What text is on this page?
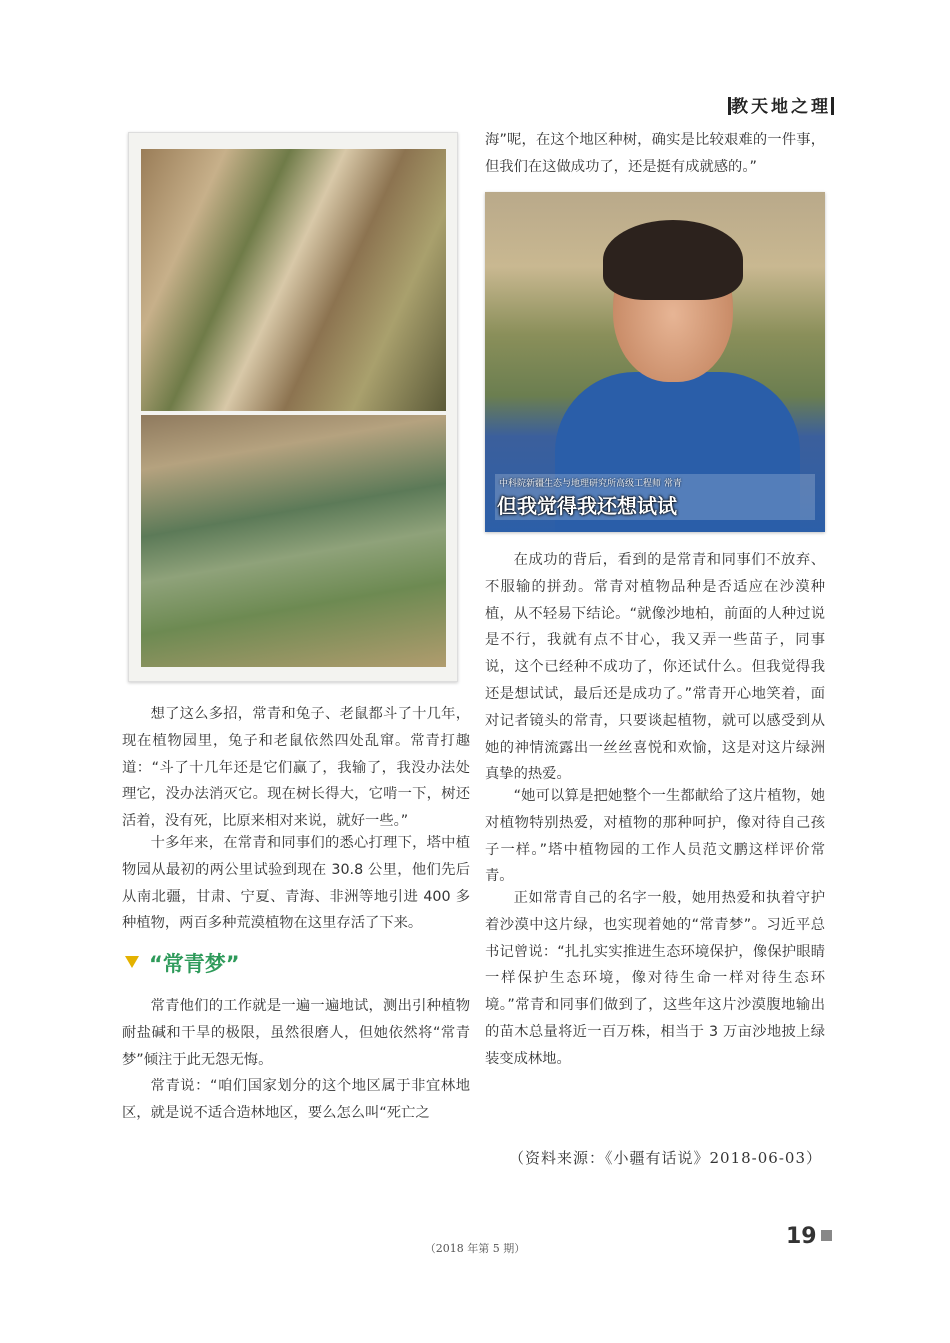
教天地之理
中科院新疆生态与地理研究所高级工程师 常青
但我觉得我还想试试

海”呢，在这个地区种树，确实是比较艰难的一件事，但我们在这做成功了，还是挺有成就感的。”

想了这么多招，常青和兔子、老鼠都斗了十几年，现在植物园里，兔子和老鼠依然四处乱窜。常青打趣道：“斗了十几年还是它们赢了，我输了，我没办法处理它，没办法消灭它。现在树长得大，它啃一下，树还活着，没有死，比原来相对来说，就好一些。”

十多年来，在常青和同事们的悉心打理下，塔中植物园从最初的两公里试验到现在 30.8 公里，他们先后从南北疆，甘肃、宁夏、青海、非洲等地引进 400 多种植物，两百多种荒漠植物在这里存活了下来。

“常青梦”

常青他们的工作就是一遍一遍地试，测出引种植物耐盐碱和干旱的极限，虽然很磨人，但她依然将“常青梦”倾注于此无怨无悔。

常青说：“咱们国家划分的这个地区属于非宜林地区，就是说不适合造林地区，要么怎么叫“死亡之

在成功的背后，看到的是常青和同事们不放弃、不服输的拼劲。常青对植物品种是否适应在沙漠种植，从不轻易下结论。“就像沙地柏，前面的人种过说是不行，我就有点不甘心，我又弄一些苗子，同事说，这个已经种不成功了，你还试什么。但我觉得我还是想试试，最后还是成功了。”常青开心地笑着，面对记者镜头的常青，只要谈起植物，就可以感受到从她的神情流露出一丝丝喜悦和欢愉，这是对这片绿洲真挚的热爱。

“她可以算是把她整个一生都献给了这片植物，她对植物特别热爱，对植物的那种呵护，像对待自己孩子一样。”塔中植物园的工作人员范文鹏这样评价常青。

正如常青自己的名字一般，她用热爱和执着守护着沙漠中这片绿，也实现着她的“常青梦”。习近平总书记曾说：“扎扎实实推进生态环境保护，像保护眼睛一样保护生态环境，像对待生命一样对待生态环境。”常青和同事们做到了，这些年这片沙漠腹地输出的苗木总量将近一百万株，相当于 3 万亩沙地披上绿装变成林地。

（资料来源：《小疆有话说》2018-06-03）
（2018 年第 5 期）	19
